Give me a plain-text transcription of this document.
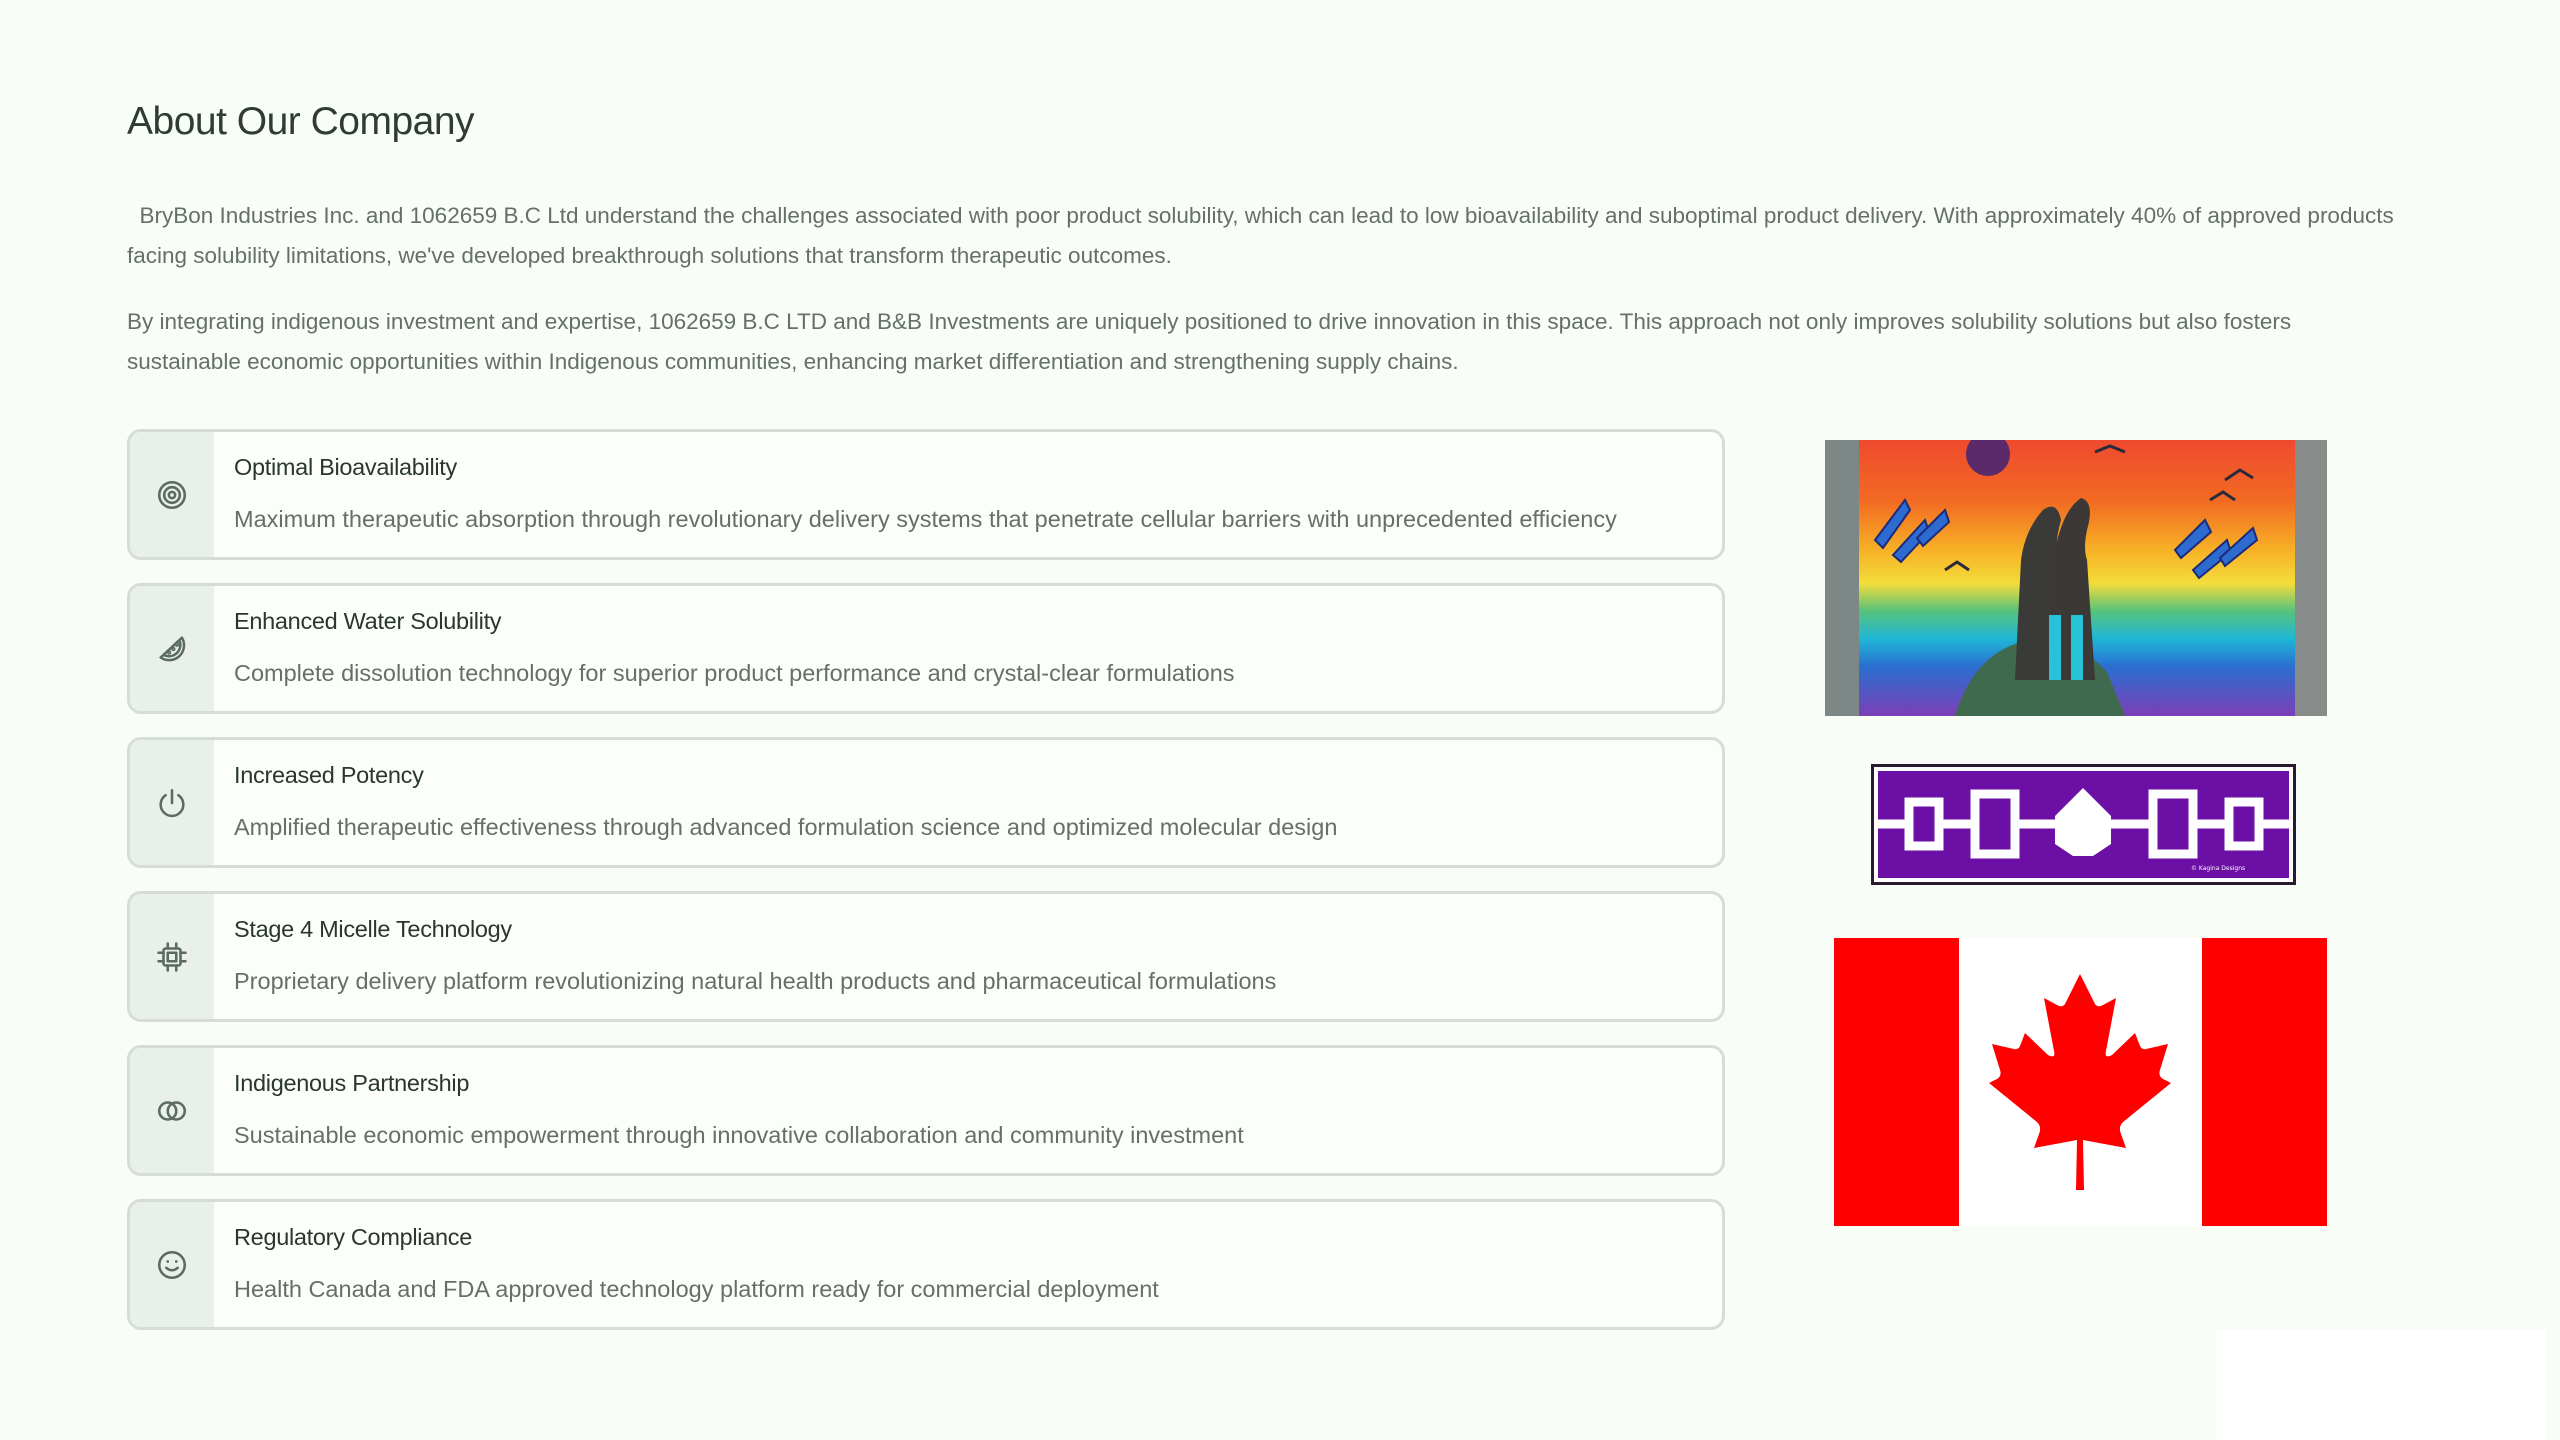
About Our Company

BryBon Industries Inc. and 1062659 B.C Ltd understand the challenges associated with poor product solubility, which can lead to low bioavailability and suboptimal product delivery. With approximately 40% of approved products facing solubility limitations, we've developed breakthrough solutions that transform therapeutic outcomes.

By integrating indigenous investment and expertise, 1062659 B.C LTD and B&B Investments are uniquely positioned to drive innovation in this space. This approach not only improves solubility solutions but also fosters sustainable economic opportunities within Indigenous communities, enhancing market differentiation and strengthening supply chains.

Optimal Bioavailability
Maximum therapeutic absorption through revolutionary delivery systems that penetrate cellular barriers with unprecedented efficiency
Enhanced Water Solubility
Complete dissolution technology for superior product performance and crystal-clear formulations
Increased Potency
Amplified therapeutic effectiveness through advanced formulation science and optimized molecular design
Stage 4 Micelle Technology
Proprietary delivery platform revolutionizing natural health products and pharmaceutical formulations
Indigenous Partnership
Sustainable economic empowerment through innovative collaboration and community investment
Regulatory Compliance
Health Canada and FDA approved technology platform ready for commercial deployment
© Kagina Designs
